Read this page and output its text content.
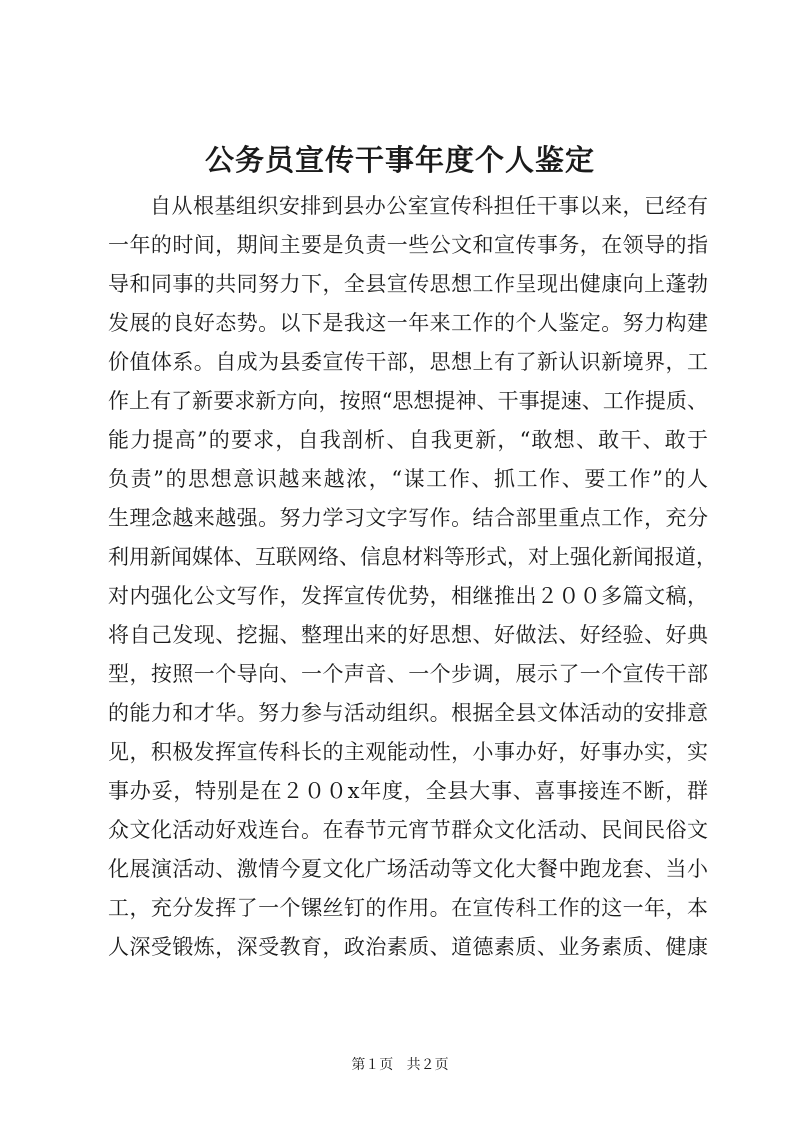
公务员宣传干事年度个人鉴定
自从根基组织安排到县办公室宣传科担任干事以来，已经有
一年的时间，期间主要是负责一些公文和宣传事务，在领导的指
导和同事的共同努力下，全县宣传思想工作呈现出健康向上蓬勃
发展的良好态势。以下是我这一年来工作的个人鉴定。努力构建
价值体系。自成为县委宣传干部，思想上有了新认识新境界，工
作上有了新要求新方向，按照“思想提神、干事提速、工作提质、
能力提高”的要求，自我剖析、自我更新，“敢想、敢干、敢于
负责”的思想意识越来越浓，“谋工作、抓工作、要工作”的人
生理念越来越强。努力学习文字写作。结合部里重点工作，充分
利用新闻媒体、互联网络、信息材料等形式，对上强化新闻报道，
对内强化公文写作，发挥宣传优势，相继推出２００多篇文稿，
将自己发现、挖掘、整理出来的好思想、好做法、好经验、好典
型，按照一个导向、一个声音、一个步调，展示了一个宣传干部
的能力和才华。努力参与活动组织。根据全县文体活动的安排意
见，积极发挥宣传科长的主观能动性，小事办好，好事办实，实
事办妥，特别是在２００x年度，全县大事、喜事接连不断，群
众文化活动好戏连台。在春节元宵节群众文化活动、民间民俗文
化展演活动、激情今夏文化广场活动等文化大餐中跑龙套、当小
工，充分发挥了一个镙丝钉的作用。在宣传科工作的这一年，本
人深受锻炼，深受教育，政治素质、道德素质、业务素质、健康
第１页 共２页
